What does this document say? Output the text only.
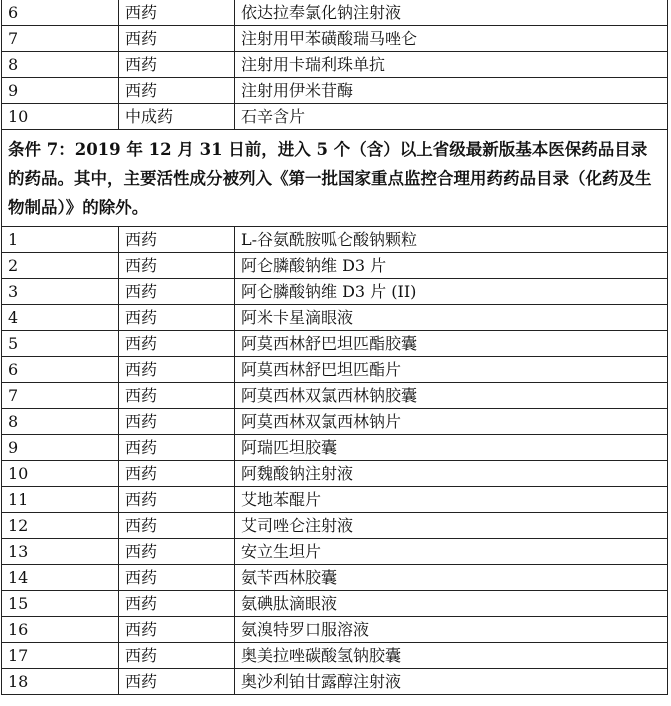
6	西药	依达拉奉氯化钠注射液
7	西药	注射用甲苯磺酸瑞马唑仑
8	西药	注射用卡瑞利珠单抗
9	西药	注射用伊米苷酶
10	中成药	石辛含片
条件 7：2019 年 12 月 31 日前，进入 5 个（含）以上省级最新版基本医保药品目录的药品。其中，主要活性成分被列入《第一批国家重点监控合理用药药品目录（化药及生物制品）》的除外。		
1	西药	L-谷氨酰胺呱仑酸钠颗粒
2	西药	阿仑膦酸钠维 D3 片
3	西药	阿仑膦酸钠维 D3 片 (II)
4	西药	阿米卡星滴眼液
5	西药	阿莫西林舒巴坦匹酯胶囊
6	西药	阿莫西林舒巴坦匹酯片
7	西药	阿莫西林双氯西林钠胶囊
8	西药	阿莫西林双氯西林钠片
9	西药	阿瑞匹坦胶囊
10	西药	阿魏酸钠注射液
11	西药	艾地苯醌片
12	西药	艾司唑仑注射液
13	西药	安立生坦片
14	西药	氨苄西林胶囊
15	西药	氨碘肽滴眼液
16	西药	氨溴特罗口服溶液
17	西药	奥美拉唑碳酸氢钠胶囊
18	西药	奥沙利铂甘露醇注射液
